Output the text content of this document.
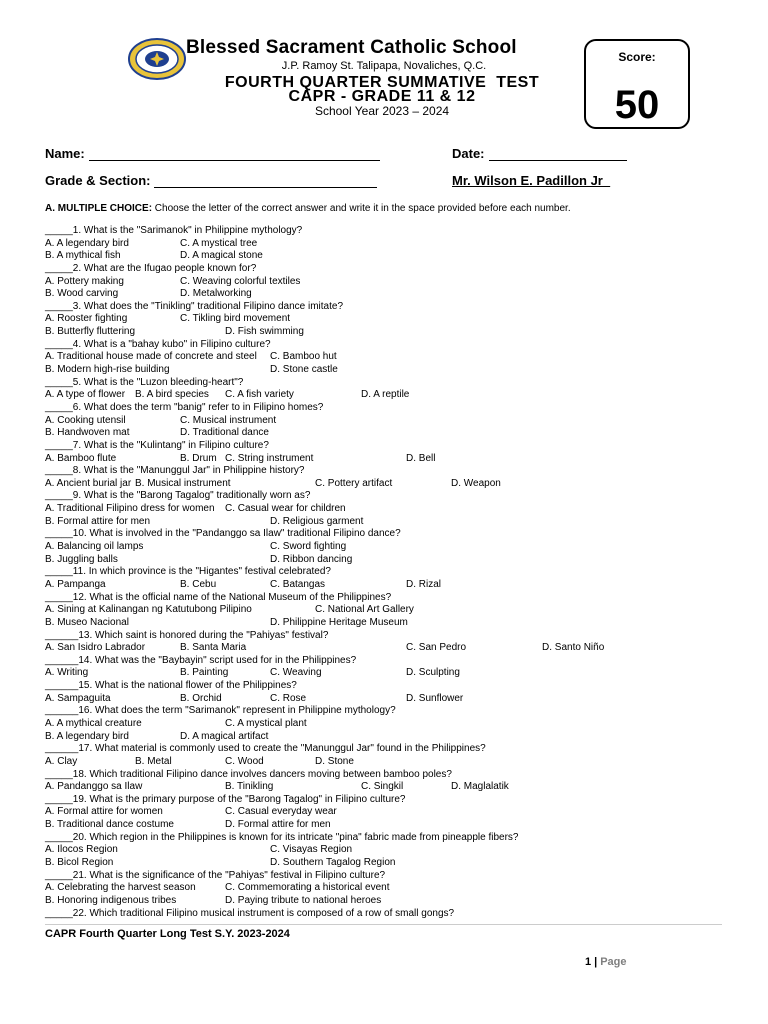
Blessed Sacrament Catholic School
J.P. Ramoy St. Talipapa, Novaliches, Q.C.
FOURTH QUARTER SUMMATIVE  TEST
CAPR - GRADE 11 & 12
School Year 2023 – 2024
Score:
50
Name:	Date:
Grade & Section:	Mr. Wilson E. Padillon Jr_
A. MULTIPLE CHOICE: Choose the letter of the correct answer and write it in the space provided before each number.
_____1. What is the "Sarimanok" in Philippine mythology?
A. A legendary bird	C. A mystical tree
B. A mythical fish	D. A magical stone
_____2. What are the Ifugao people known for?
A. Pottery making	C. Weaving colorful textiles
B. Wood carving	D. Metalworking
_____3. What does the "Tinikling" traditional Filipino dance imitate?
A. Rooster fighting	C. Tikling bird movement
B. Butterfly fluttering	D. Fish swimming
_____4. What is a "bahay kubo" in Filipino culture?
A. Traditional house made of concrete and steel C. Bamboo hut
B. Modern high-rise building	D. Stone castle
_____5. What is the "Luzon bleeding-heart"?
A. A type of flower B. A bird species C. A fish variety	D. A reptile
_____6. What does the term "banig" refer to in Filipino homes?
A. Cooking utensil	C. Musical instrument
B. Handwoven mat	D. Traditional dance
_____7. What is the "Kulintang" in Filipino culture?
A. Bamboo flute	B. Drum C. String instrument	D. Bell
_____8. What is the "Manunggul Jar" in Philippine history?
A. Ancient burial jar B. Musical instrument	C. Pottery artifact	D. Weapon
_____9. What is the "Barong Tagalog" traditionally worn as?
A. Traditional Filipino dress for women C. Casual wear for children
B. Formal attire for men	D. Religious garment
_____10. What is involved in the "Pandanggo sa Ilaw" traditional Filipino dance?
A. Balancing oil lamps	C. Sword fighting
B. Juggling balls	D. Ribbon dancing
_____11. In which province is the "Higantes" festival celebrated?
A. Pampanga	B. Cebu	C. Batangas	D. Rizal
_____12. What is the official name of the National Museum of the Philippines?
A. Sining at Kalinangan ng Katutubong Pilipino	C. National Art Gallery
B. Museo Nacional	D. Philippine Heritage Museum
______13. Which saint is honored during the "Pahiyas" festival?
A. San Isidro Labrador	B. Santa Maria	C. San Pedro	D. Santo Niño
______14. What was the "Baybayin" script used for in the Philippines?
A. Writing	B. Painting	C. Weaving	D. Sculpting
______15. What is the national flower of the Philippines?
A. Sampaguita	B. Orchid	C. Rose	D. Sunflower
______16. What does the term "Sarimanok" represent in Philippine mythology?
A. A mythical creature	C. A mystical plant
B. A legendary bird	D. A magical artifact
______17. What material is commonly used to create the "Manunggul Jar" found in the Philippines?
A. Clay	B. Metal	C. Wood	D. Stone
_____18. Which traditional Filipino dance involves dancers moving between bamboo poles?
A. Pandanggo sa Ilaw	B. Tinikling	C. Singkil	D. Maglalatik
_____19. What is the primary purpose of the "Barong Tagalog" in Filipino culture?
A. Formal attire for women	C. Casual everyday wear
B. Traditional dance costume	D. Formal attire for men
_____20. Which region in the Philippines is known for its intricate "pina" fabric made from pineapple fibers?
A. Ilocos Region	C. Visayas Region
B. Bicol Region	D. Southern Tagalog Region
_____21. What is the significance of the "Pahiyas" festival in Filipino culture?
A. Celebrating the harvest season	C. Commemorating a historical event
B. Honoring indigenous tribes	D. Paying tribute to national heroes
_____22. Which traditional Filipino musical instrument is composed of a row of small gongs?
CAPR Fourth Quarter Long Test S.Y. 2023-2024
1 | Page
